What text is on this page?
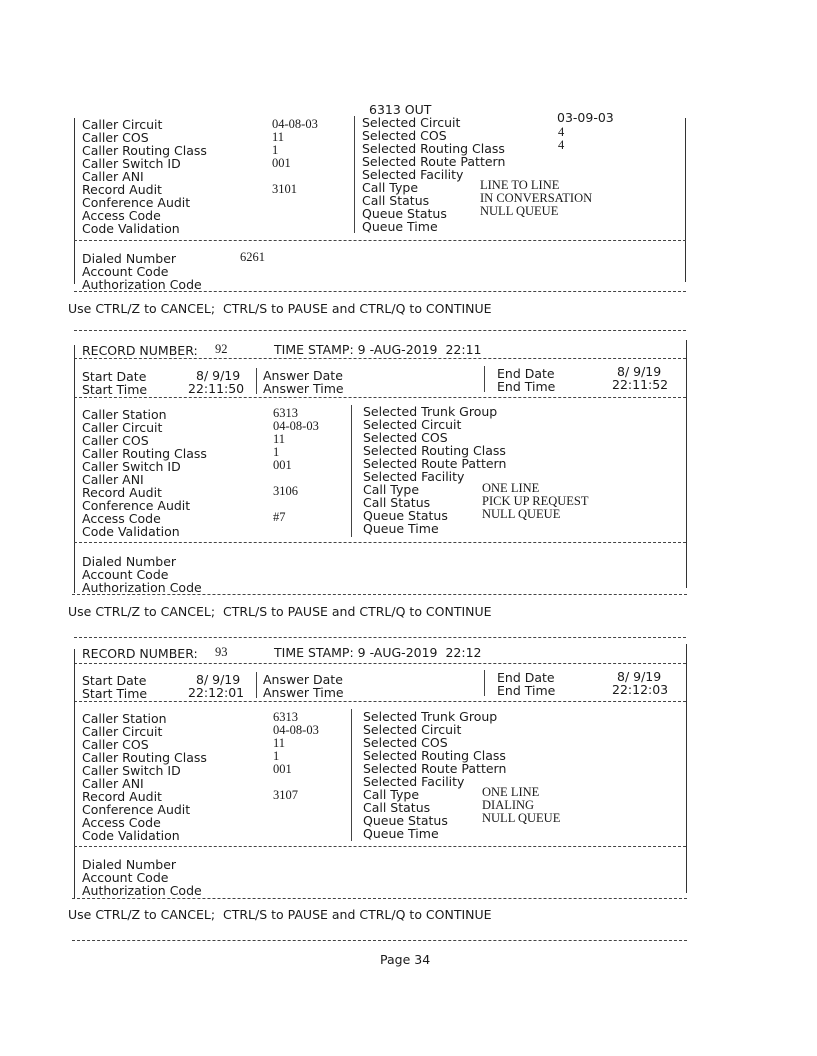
6313 OUT
Caller Circuit
Caller COS
Caller Routing Class
Caller Switch ID
Caller ANI
Record Audit
Conference Audit
Access Code
Code Validation
04-08-03
11
1
001
3101
Selected Circuit
Selected COS
Selected Routing Class
Selected Route Pattern
Selected Facility
Call Type
Call Status
Queue Status
Queue Time
03-09-03
4
4
LINE TO LINE
IN CONVERSATION
NULL QUEUE
Dialed Number
Account Code
Authorization Code
6261
Use CTRL/Z to CANCEL;  CTRL/S to PAUSE and CTRL/Q to CONTINUE
RECORD NUMBER: 92	TIME STAMP: 9 -AUG-2019  22:11
Start Date
Start Time
8/ 9/19
22:11:50
Answer Date
Answer Time
End Date
End Time
8/ 9/19
22:11:52
Caller Station
Caller Circuit
Caller COS
Caller Routing Class
Caller Switch ID
Caller ANI
Record Audit
Conference Audit
Access Code
Code Validation
6313
04-08-03
11
1
001
3106
#7
Selected Trunk Group
Selected Circuit
Selected COS
Selected Routing Class
Selected Route Pattern
Selected Facility
Call Type
Call Status
Queue Status
Queue Time
ONE LINE
PICK UP REQUEST
NULL QUEUE
Dialed Number
Account Code
Authorization Code
Use CTRL/Z to CANCEL;  CTRL/S to PAUSE and CTRL/Q to CONTINUE
RECORD NUMBER: 93	TIME STAMP: 9 -AUG-2019  22:12
Start Date
Start Time
8/ 9/19
22:12:01
Answer Date
Answer Time
End Date
End Time
8/ 9/19
22:12:03
Caller Station
Caller Circuit
Caller COS
Caller Routing Class
Caller Switch ID
Caller ANI
Record Audit
Conference Audit
Access Code
Code Validation
6313
04-08-03
11
1
001
3107
Selected Trunk Group
Selected Circuit
Selected COS
Selected Routing Class
Selected Route Pattern
Selected Facility
Call Type
Call Status
Queue Status
Queue Time
ONE LINE
DIALING
NULL QUEUE
Dialed Number
Account Code
Authorization Code
Use CTRL/Z to CANCEL;  CTRL/S to PAUSE and CTRL/Q to CONTINUE
Page 34
